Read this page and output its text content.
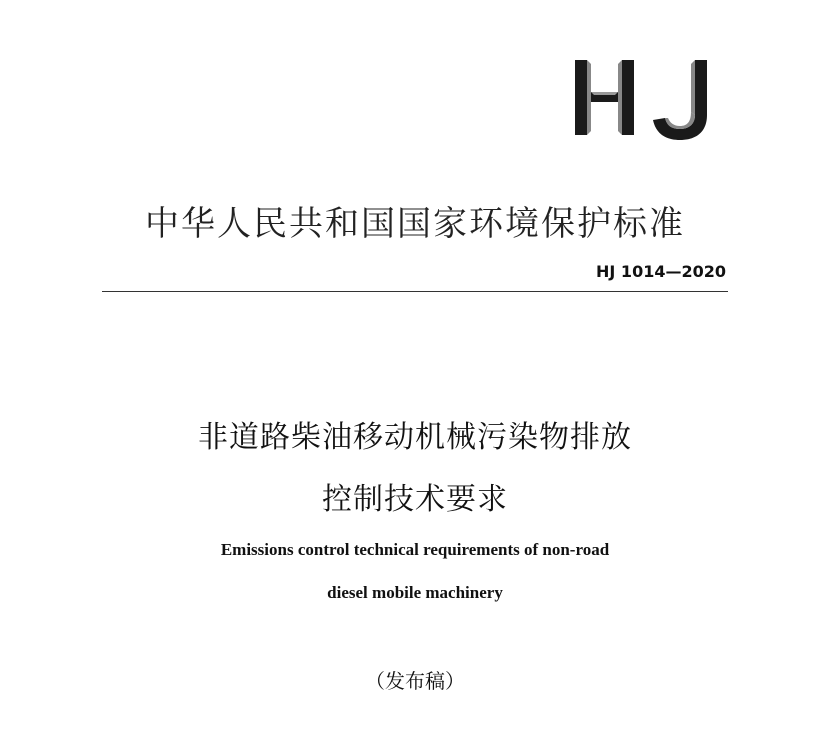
中华人民共和国国家环境保护标准
HJ 1014—2020
非道路柴油移动机械污染物排放
控制技术要求
Emissions control technical requirements of non-road
diesel mobile machinery
（发布稿）
